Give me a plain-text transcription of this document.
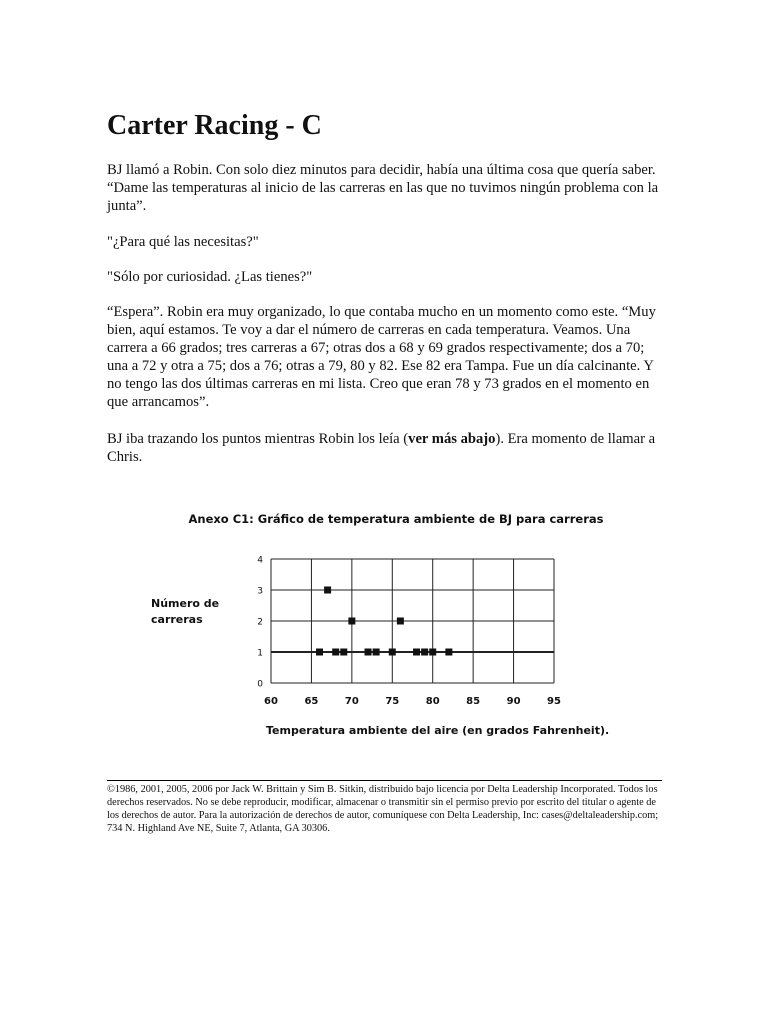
Carter Racing - C

BJ llamó a Robin. Con solo diez minutos para decidir, había una última cosa que quería saber. “Dame las temperaturas al inicio de las carreras en las que no tuvimos ningún problema con la junta”.

"¿Para qué las necesitas?"

"Sólo por curiosidad. ¿Las tienes?"

“Espera”. Robin era muy organizado, lo que contaba mucho en un momento como este. “Muy bien, aquí estamos. Te voy a dar el número de carreras en cada temperatura. Veamos. Una carrera a 66 grados; tres carreras a 67; otras dos a 68 y 69 grados respectivamente; dos a 70; una a 72 y otra a 75; dos a 76; otras a 79, 80 y 82. Ese 82 era Tampa. Fue un día calcinante. Y no tengo las dos últimas carreras en mi lista. Creo que eran 78 y 73 grados en el momento en que arrancamos”.

BJ iba trazando los puntos mientras Robin los leía (ver más abajo). Era momento de llamar a Chris.

Anexo C1: Gráfico de temperatura ambiente de BJ para carreras
Número de carreras
60	65	70	75	80	85	90	95
0
1
2
3
4
Temperatura ambiente del aire (en grados Fahrenheit).

©1986, 2001, 2005, 2006 por Jack W. Brittain y Sim B. Sitkin, distribuido bajo licencia por Delta Leadership Incorporated. Todos los derechos reservados. No se debe reproducir, modificar, almacenar o transmitir sin el permiso previo por escrito del titular o agente de los derechos de autor. Para la autorización de derechos de autor, comuníquese con Delta Leadership, Inc: cases@deltaleadership.com; 734 N. Highland Ave NE, Suite 7, Atlanta, GA 30306.
